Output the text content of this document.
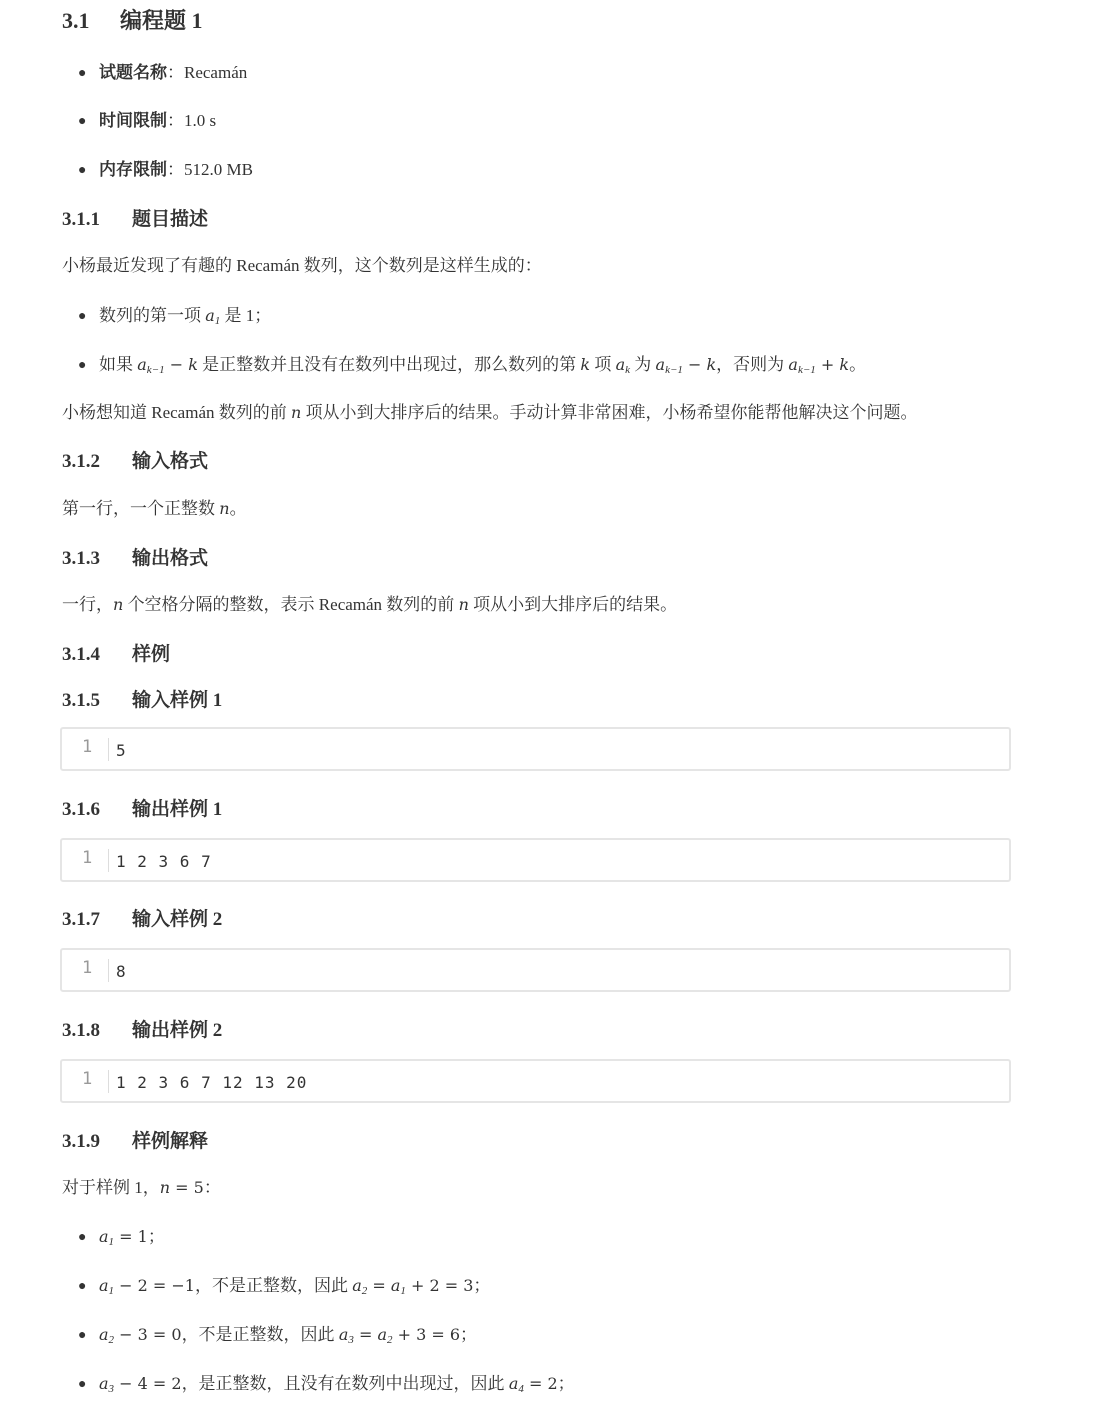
3.1 编程题 1
● 试题名称：Recamán
● 时间限制：1.0 s
● 内存限制：512.0 MB
3.1.1 题目描述

小杨最近发现了有趣的 Recamán 数列，这个数列是这样生成的：

● 数列的第一项 $a_1$ 是 1；
● 如果 $a_{k-1} - k$ 是正整数并且没有在数列中出现过，那么数列的第 k 项 $a_k$ 为 $a_{k-1} - k$，否则为 $a_{k-1} + k$。

小杨想知道 Recamán 数列的前 n 项从小到大排序后的结果。手动计算非常困难，小杨希望你能帮他解决这个问题。

3.1.2 输入格式

第一行，一个正整数 n。

3.1.3 输出格式

一行，n 个空格分隔的整数，表示 Recamán 数列的前 n 项从小到大排序后的结果。

3.1.4 样例
3.1.5 输入样例 1
1 5
3.1.6 输出样例 1
1 1 2 3 6 7
3.1.7 输入样例 2
1 8
3.1.8 输出样例 2
1 1 2 3 6 7 12 13 20
3.1.9 样例解释

对于样例 1，n = 5：

● $a_1 = 1$；
● $a_1 - 2 = -1$，不是正整数，因此 $a_2 = a_1 + 2 = 3$；
● $a_2 - 3 = 0$，不是正整数，因此 $a_3 = a_2 + 3 = 6$；
● $a_3 - 4 = 2$，是正整数，且没有在数列中出现过，因此 $a_4 = 2$；
